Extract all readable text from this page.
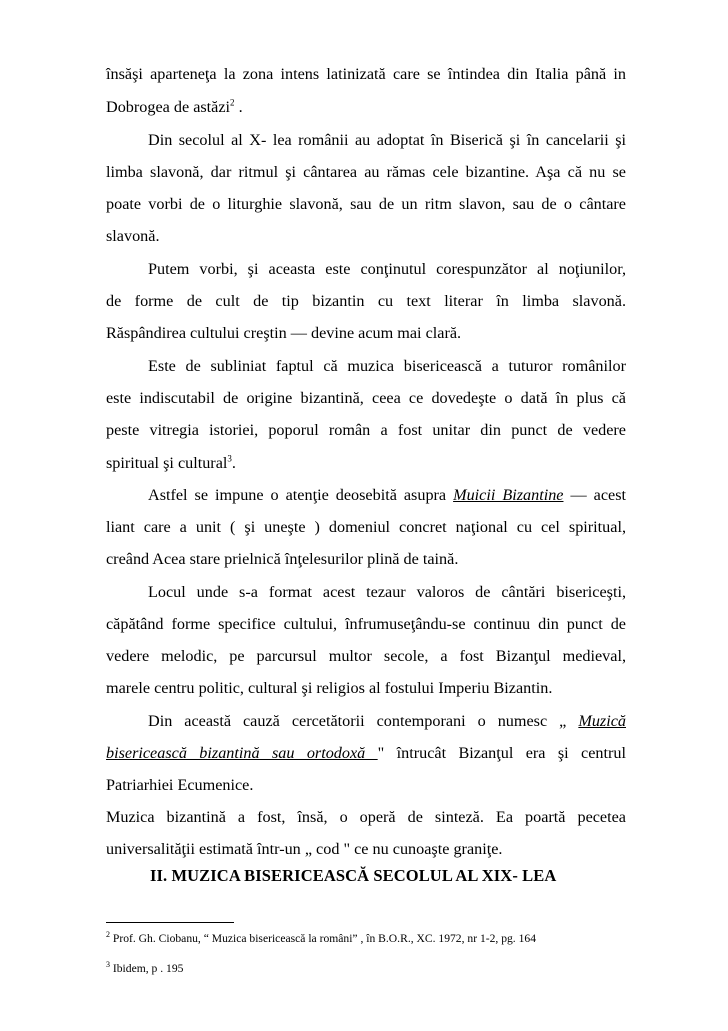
însăşi aparteneţa la zona intens latinizată care se întindea din Italia până in
Dobrogea de astăzi$^2$ .
Din secolul al X- lea românii au adoptat în Biserică şi în cancelarii şi
limba slavonă, dar ritmul şi cântarea au rămas cele bizantine. Aşa că nu se
poate vorbi de o liturghie slavonă, sau de un ritm slavon, sau de o cântare
slavonă.
Putem vorbi, şi aceasta este conţinutul corespunzător al noţiunilor,
de forme de cult de tip bizantin cu text literar în limba slavonă.
Răspândirea cultului creştin — devine acum mai clară.
Este de subliniat faptul că muzica bisericească a tuturor românilor
este indiscutabil de origine bizantină, ceea ce dovedeşte o dată în plus că
peste vitregia istoriei, poporul român a fost unitar din punct de vedere
spiritual şi cultural$^3$.
Astfel se impune o atenţie deosebită asupra Muicii Bizantine — acest
liant care a unit ( şi uneşte ) domeniul concret naţional cu cel spiritual,
creând Acea stare prielnică înţelesurilor plină de taină.
Locul unde s-a format acest tezaur valoros de cântări bisericeşti,
căpătând forme specifice cultului, înfrumuseţându-se continuu din punct de
vedere melodic, pe parcursul multor secole, a fost Bizanţul medieval,
marele centru politic, cultural şi religios al fostului Imperiu Bizantin.
Din această cauză cercetătorii contemporani o numesc „ Muzică
bisericească bizantină sau ortodoxă " întrucât Bizanţul era şi centrul
Patriarhiei Ecumenice.
Muzica bizantină a fost, însă, o operă de sinteză. Ea poartă pecetea
universalităţii estimată într-un „ cod " ce nu cunoaşte graniţe.
II. MUZICA BISERICEASCĂ SECOLUL AL XIX- LEA
$^2$ Prof. Gh. Ciobanu, “ Muzica bisericească la români” , în B.O.R., XC. 1972, nr 1-2, pg. 164
$^3$ Ibidem, p . 195
